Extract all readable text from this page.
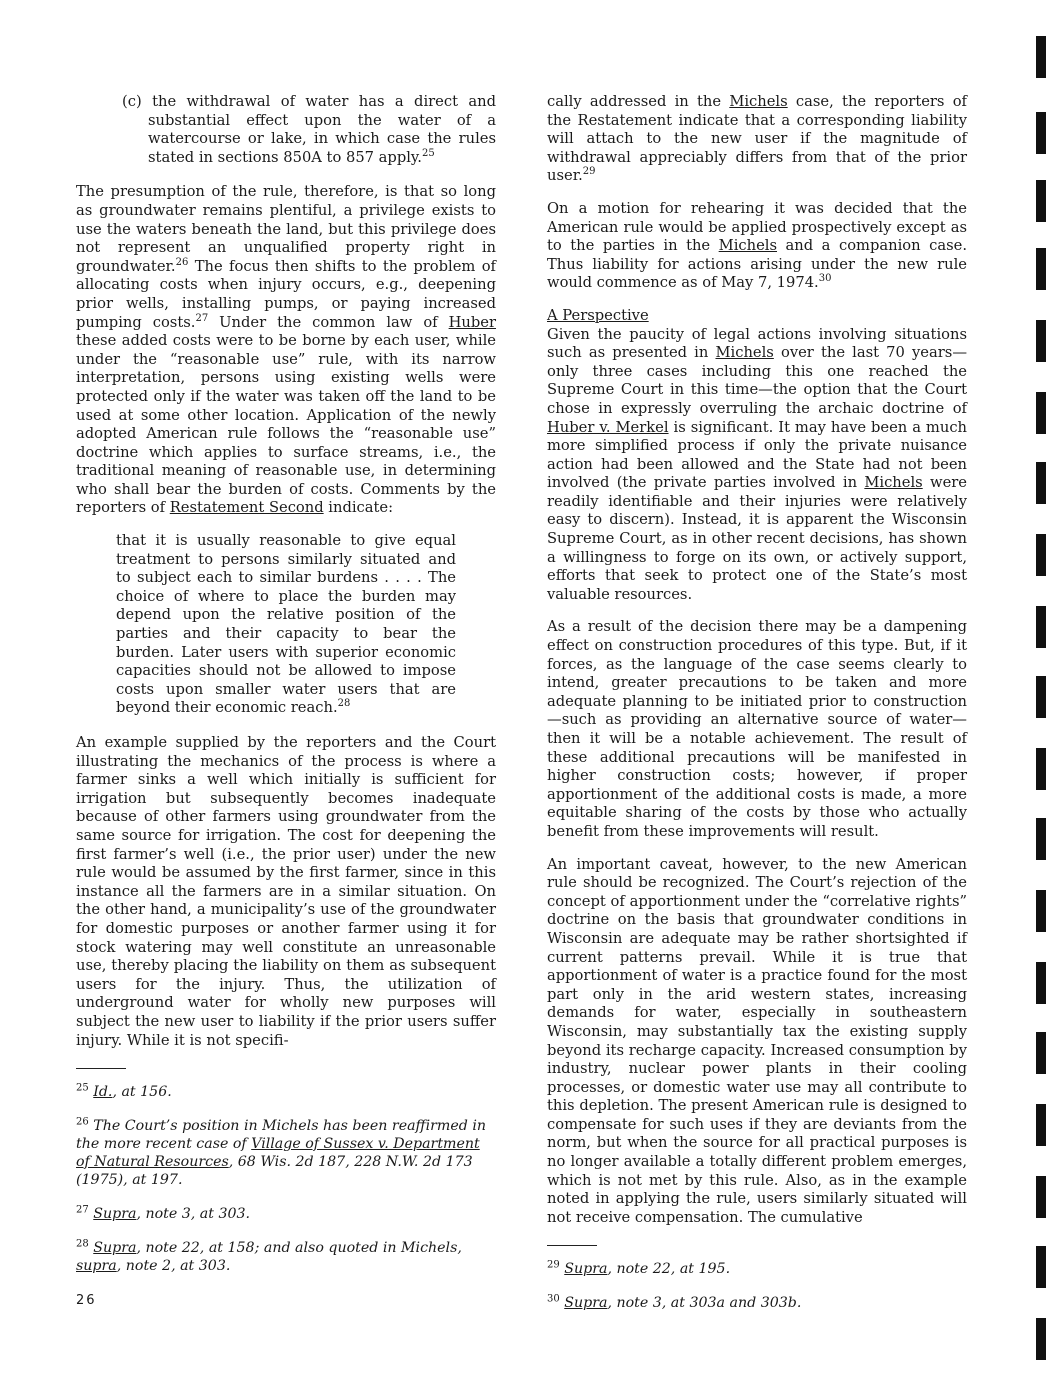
(c) the withdrawal of water has a direct and substantial effect upon the water of a watercourse or lake, in which case the rules stated in sections 850A to 857 apply.$^{25}$

The presumption of the rule, therefore, is that so long as groundwater remains plentiful, a privilege exists to use the waters beneath the land, but this privilege does not represent an unqualified property right in groundwater.$^{26}$ The focus then shifts to the problem of allocating costs when injury occurs, e.g., deepening prior wells, installing pumps, or paying increased pumping costs.$^{27}$ Under the common law of Huber these added costs were to be borne by each user, while under the “reasonable use” rule, with its narrow interpretation, persons using existing wells were protected only if the water was taken off the land to be used at some other location. Application of the newly adopted American rule follows the “reasonable use” doctrine which applies to surface streams, i.e., the traditional meaning of reasonable use, in determining who shall bear the burden of costs. Comments by the reporters of Restatement Second indicate:

that it is usually reasonable to give equal treatment to persons similarly situated and to subject each to similar burdens . . . . The choice of where to place the burden may depend upon the relative position of the parties and their capacity to bear the burden. Later users with superior economic capacities should not be allowed to impose costs upon smaller water users that are beyond their economic reach.$^{28}$

An example supplied by the reporters and the Court illustrating the mechanics of the process is where a farmer sinks a well which initially is sufficient for irrigation but subsequently becomes inadequate because of other farmers using groundwater from the same source for irrigation. The cost for deepening the first farmer’s well (i.e., the prior user) under the new rule would be assumed by the first farmer, since in this instance all the farmers are in a similar situation. On the other hand, a municipality’s use of the groundwater for domestic purposes or another farmer using it for stock watering may well constitute an unreasonable use, thereby placing the liability on them as subsequent users for the injury. Thus, the utilization of underground water for wholly new purposes will subject the new user to liability if the prior users suffer injury. While it is not specifi-

$^{25}$ Id., at 156.
$^{26}$ The Court’s position in Michels has been reaffirmed in the more recent case of Village of Sussex v. Department of Natural Resources, 68 Wis. 2d 187, 228 N.W. 2d 173 (1975), at 197.
$^{27}$ Supra, note 3, at 303.
$^{28}$ Supra, note 22, at 158; and also quoted in Michels, supra, note 2, at 303.

cally addressed in the Michels case, the reporters of the Restatement indicate that a corresponding liability will attach to the new user if the magnitude of withdrawal appreciably differs from that of the prior user.$^{29}$

On a motion for rehearing it was decided that the American rule would be applied prospectively except as to the parties in the Michels and a companion case. Thus liability for actions arising under the new rule would commence as of May 7, 1974.30

A Perspective

Given the paucity of legal actions involving situations such as presented in Michels over the last 70 years—only three cases including this one reached the Supreme Court in this time—the option that the Court chose in expressly overruling the archaic doctrine of Huber v. Merkel is significant. It may have been a much more simplified process if only the private nuisance action had been allowed and the State had not been involved (the private parties involved in Michels were readily identifiable and their injuries were relatively easy to discern). Instead, it is apparent the Wisconsin Supreme Court, as in other recent decisions, has shown a willingness to forge on its own, or actively support, efforts that seek to protect one of the State’s most valuable resources.

As a result of the decision there may be a dampening effect on construction procedures of this type. But, if it forces, as the language of the case seems clearly to intend, greater precautions to be taken and more adequate planning to be initiated prior to construction—such as providing an alternative source of water—then it will be a notable achievement. The result of these additional precautions will be manifested in higher construction costs; however, if proper apportionment of the additional costs is made, a more equitable sharing of the costs by those who actually benefit from these improvements will result.

An important caveat, however, to the new American rule should be recognized. The Court’s rejection of the concept of apportionment under the “correlative rights” doctrine on the basis that groundwater conditions in Wisconsin are adequate may be rather shortsighted if current patterns prevail. While it is true that apportionment of water is a practice found for the most part only in the arid western states, increasing demands for water, especially in southeastern Wisconsin, may substantially tax the existing supply beyond its recharge capacity. Increased consumption by industry, nuclear power plants in their cooling processes, or domestic water use may all contribute to this depletion. The present American rule is designed to compensate for such uses if they are deviants from the norm, but when the source for all practical purposes is no longer available a totally different problem emerges, which is not met by this rule. Also, as in the example noted in applying the rule, users similarly situated will not receive compensation. The cumulative

$^{29}$ Supra, note 22, at 195.
$^{30}$ Supra, note 3, at 303a and 303b.
26
